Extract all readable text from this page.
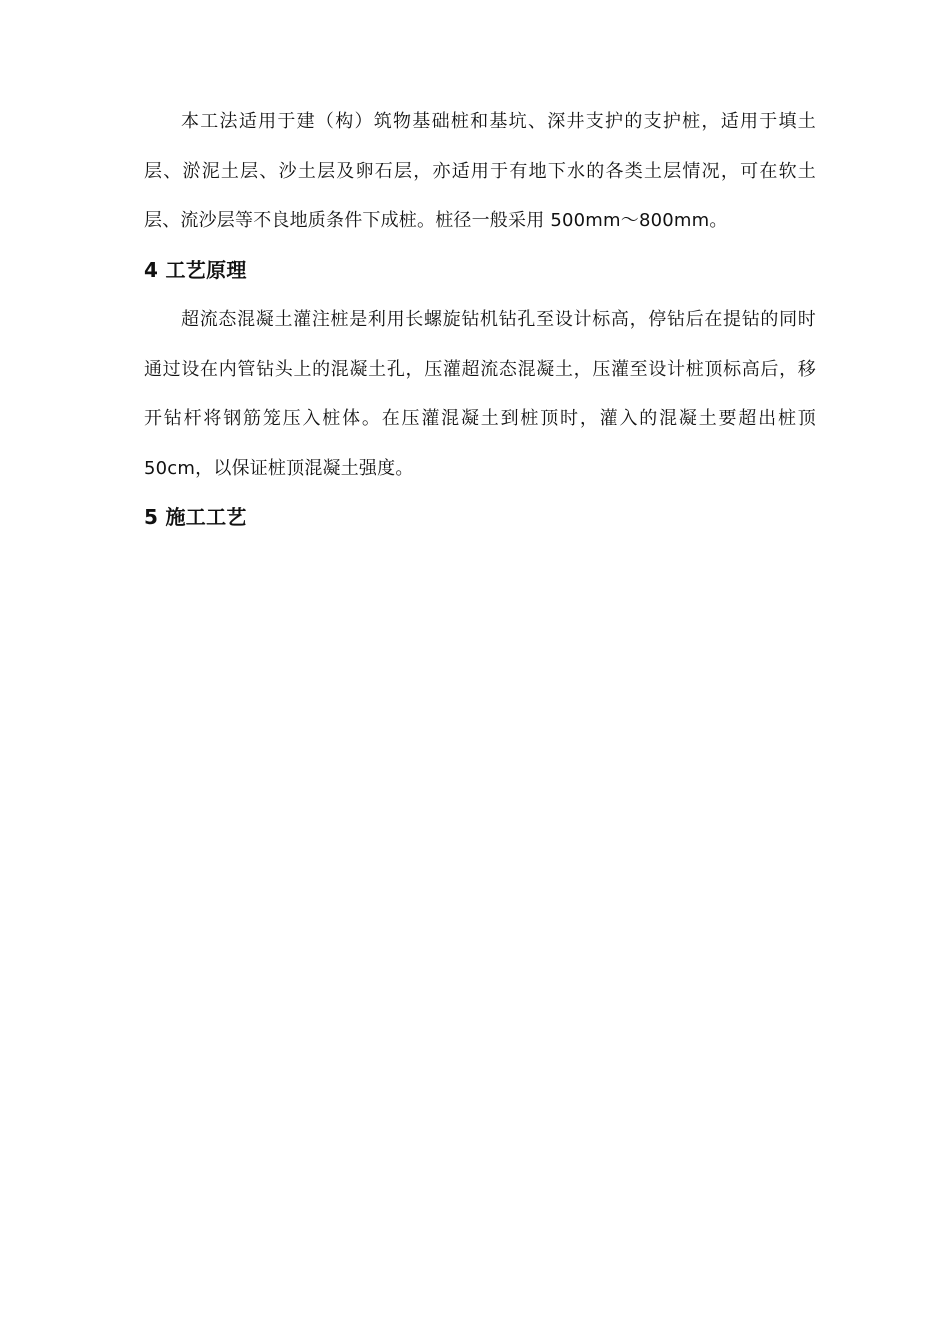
本工法适用于建（构）筑物基础桩和基坑、深井支护的支护桩，适用于填土层、淤泥土层、沙土层及卵石层，亦适用于有地下水的各类土层情况，可在软土层、流沙层等不良地质条件下成桩。桩径一般采用 500mm～800mm。

4 工艺原理

超流态混凝土灌注桩是利用长螺旋钻机钻孔至设计标高，停钻后在提钻的同时通过设在内管钻头上的混凝土孔，压灌超流态混凝土，压灌至设计桩顶标高后，移开钻杆将钢筋笼压入桩体。在压灌混凝土到桩顶时，灌入的混凝土要超出桩顶 50cm，以保证桩顶混凝土强度。

5 施工工艺
